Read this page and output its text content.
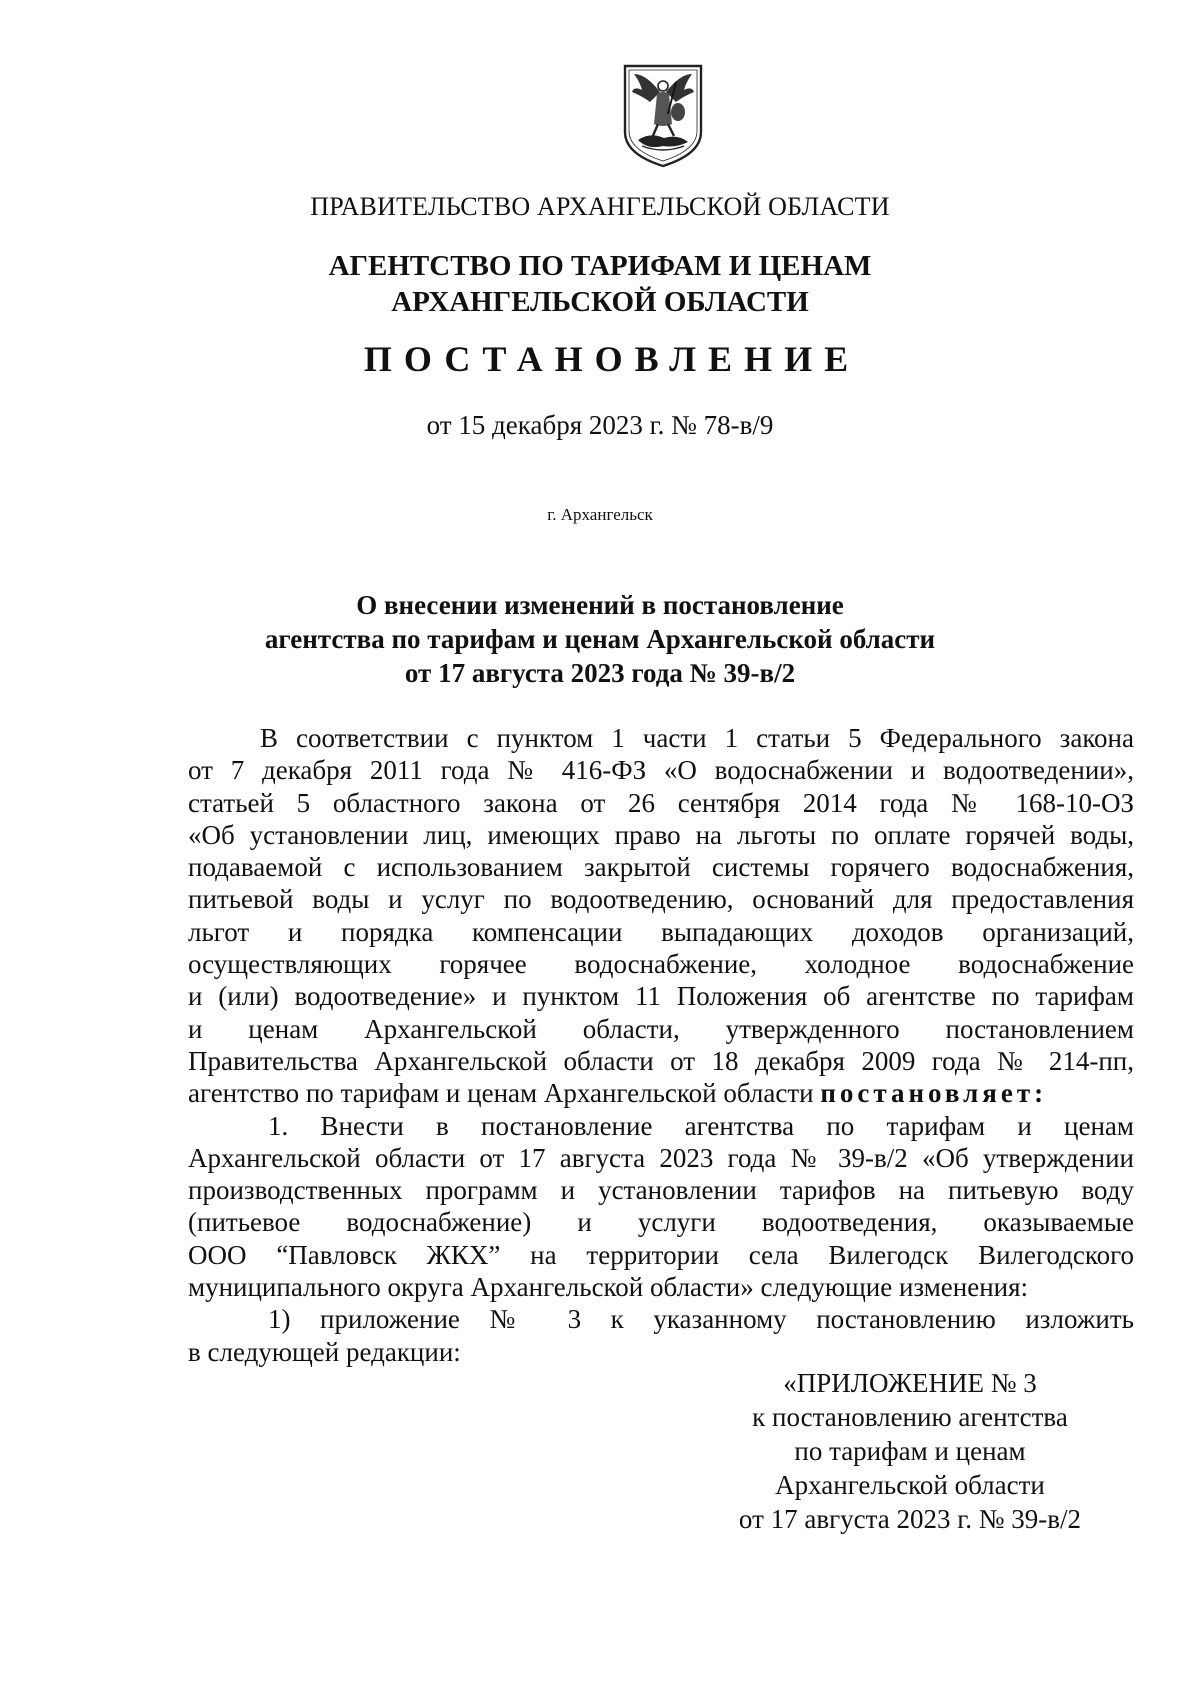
ПРАВИТЕЛЬСТВО АРХАНГЕЛЬСКОЙ ОБЛАСТИ
АГЕНТСТВО ПО ТАРИФАМ И ЦЕНАМ
АРХАНГЕЛЬСКОЙ ОБЛАСТИ
ПОСТАНОВЛЕНИЕ
от 15 декабря 2023 г. № 78-в/9
г. Архангельск
О внесении изменений в постановление
агентства по тарифам и ценам Архангельской области
от 17 августа 2023 года № 39-в/2
В соответствии с пунктом 1 части 1 статьи 5 Федерального закона
от 7 декабря 2011 года № 416-ФЗ «О водоснабжении и водоотведении»,
статьей 5 областного закона от 26 сентября 2014 года № 168-10-ОЗ
«Об установлении лиц, имеющих право на льготы по оплате горячей воды,
подаваемой с использованием закрытой системы горячего водоснабжения,
питьевой воды и услуг по водоотведению, оснований для предоставления
льгот и порядка компенсации выпадающих доходов организаций,
осуществляющих горячее водоснабжение, холодное водоснабжение
и (или) водоотведение» и пунктом 11 Положения об агентстве по тарифам
и ценам Архангельской области, утвержденного постановлением
Правительства Архангельской области от 18 декабря 2009 года № 214-пп,
агентство по тарифам и ценам Архангельской области постановляет:
1. Внести в постановление агентства по тарифам и ценам
Архангельской области от 17 августа 2023 года № 39-в/2 «Об утверждении
производственных программ и установлении тарифов на питьевую воду
(питьевое водоснабжение) и услуги водоотведения, оказываемые
ООО “Павловск ЖКХ” на территории села Вилегодск Вилегодского
муниципального округа Архангельской области» следующие изменения:
1) приложение № 3 к указанному постановлению изложить
в следующей редакции:
«ПРИЛОЖЕНИЕ № 3
к постановлению агентства
по тарифам и ценам
Архангельской области
от 17 августа 2023 г. № 39-в/2
